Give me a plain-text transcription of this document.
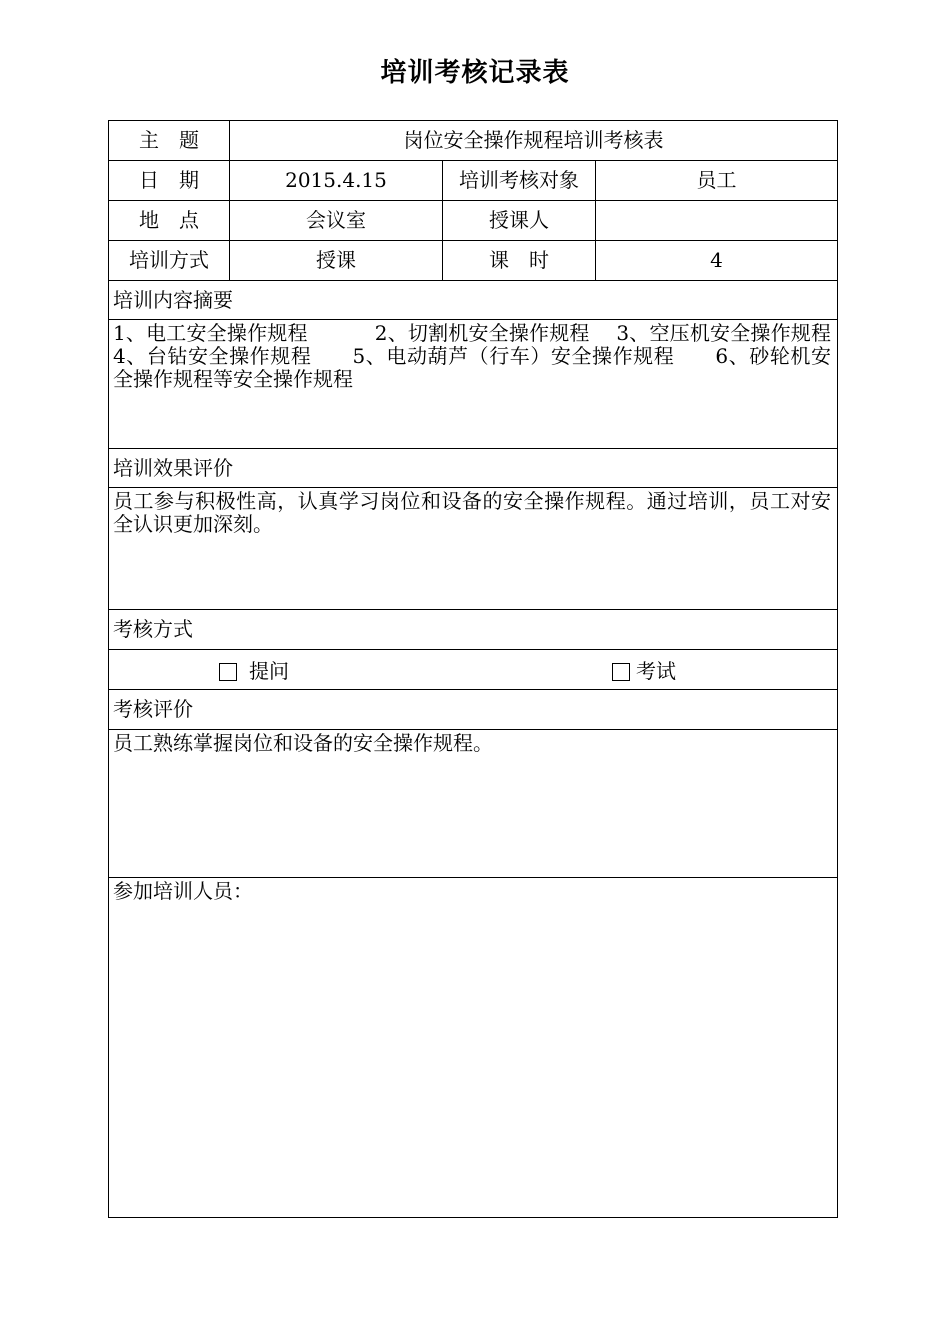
培训考核记录表
主　题	岗位安全操作规程培训考核表		
日　期	2015.4.15	培训考核对象	员工
地　点	会议室	授课人	
培训方式	授课	课　时	4
培训内容摘要			
1、电工安全操作规程　　　 2、切割机安全操作规程　 3、空压机安全操作规程　　4、台钻安全操作规程　　5、电动葫芦（行车）安全操作规程　　6、砂轮机安全操作规程等安全操作规程			
培训效果评价			
员工参与积极性高，认真学习岗位和设备的安全操作规程。通过培训，员工对安全认识更加深刻。			
考核方式			

提问 考试			

考核评价			
员工熟练掌握岗位和设备的安全操作规程。			
参加培训人员：			
